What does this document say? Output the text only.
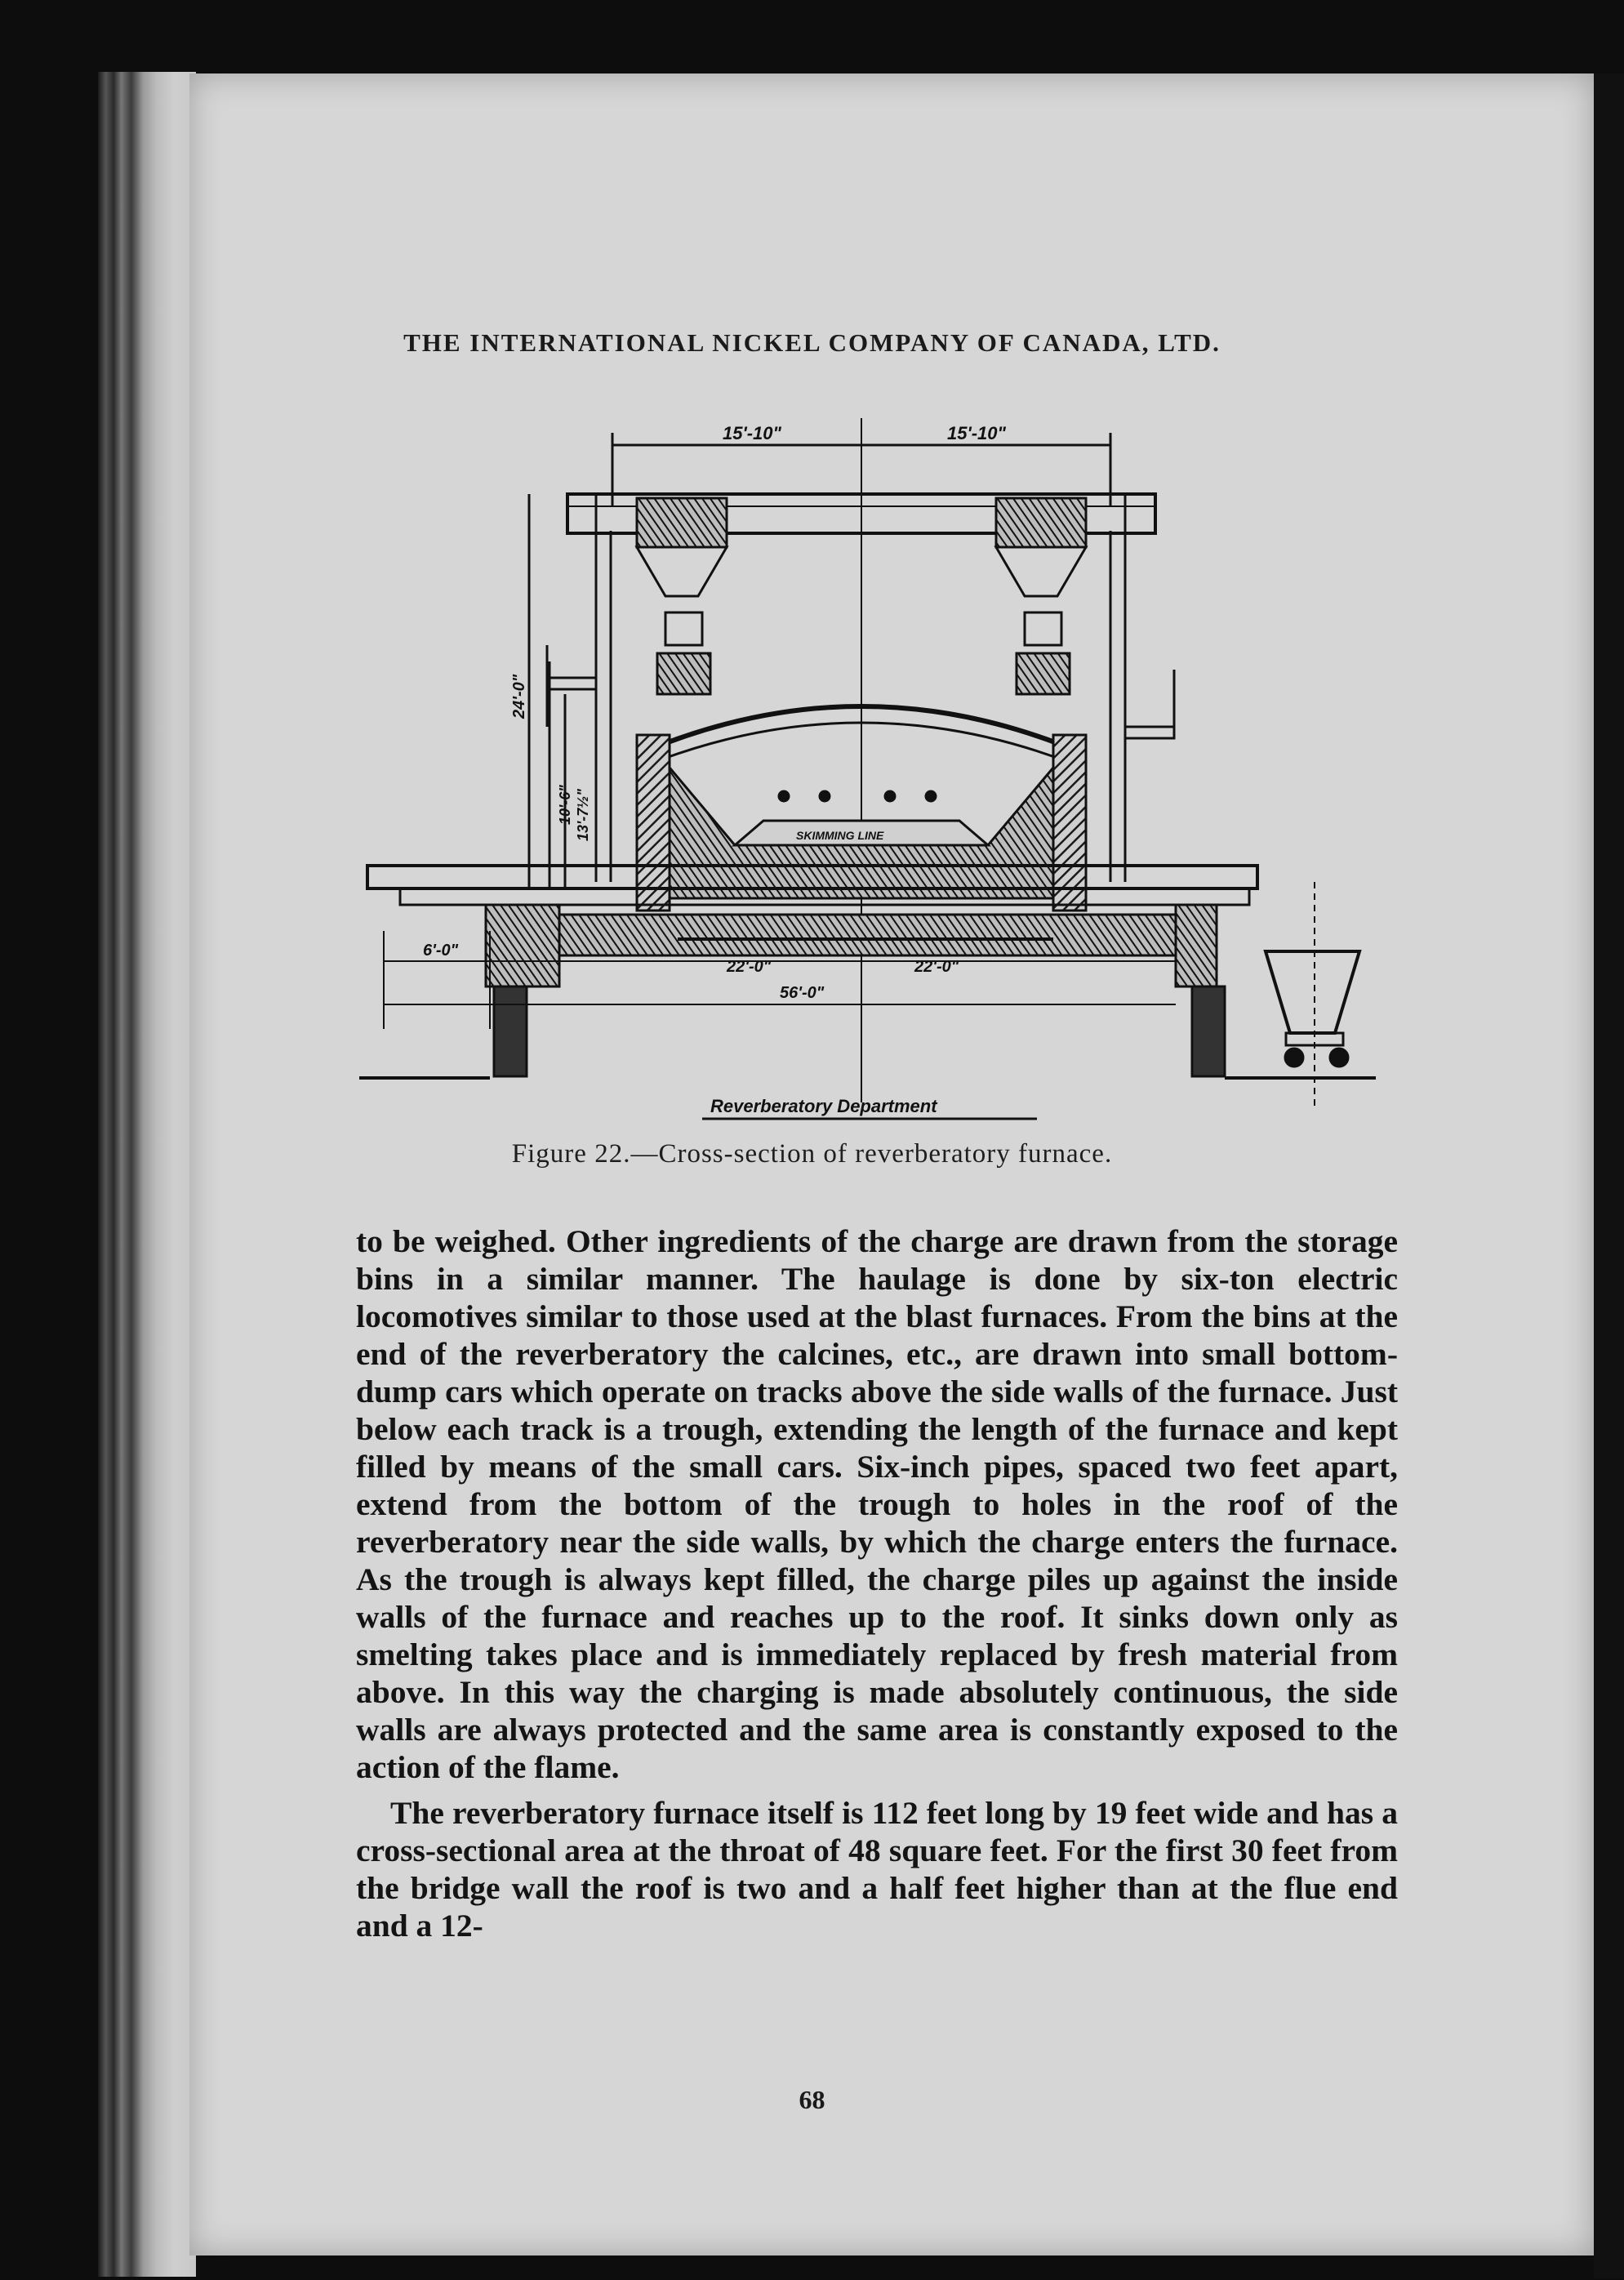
THE INTERNATIONAL NICKEL COMPANY OF CANADA, LTD.
15'-10"	15'-10"
24'-0"
10'-6" 13'-7½"	SKIMMING LINE
6'-0"
22'-0"	22'-0"
56'-0"
Reverberatory Department
Figure 22.—Cross-section of reverberatory furnace.

to be weighed. Other ingredients of the charge are drawn from the storage bins in a similar manner. The haulage is done by six-ton electric locomotives similar to those used at the blast furnaces. From the bins at the end of the reverberatory the calcines, etc., are drawn into small bottom-dump cars which operate on tracks above the side walls of the furnace. Just below each track is a trough, extending the length of the furnace and kept filled by means of the small cars. Six-inch pipes, spaced two feet apart, extend from the bottom of the trough to holes in the roof of the reverberatory near the side walls, by which the charge enters the furnace. As the trough is always kept filled, the charge piles up against the inside walls of the furnace and reaches up to the roof. It sinks down only as smelting takes place and is immediately replaced by fresh material from above. In this way the charging is made absolutely continuous, the side walls are always protected and the same area is constantly exposed to the action of the flame.

The reverberatory furnace itself is 112 feet long by 19 feet wide and has a cross-sectional area at the throat of 48 square feet. For the first 30 feet from the bridge wall the roof is two and a half feet higher than at the flue end and a 12-

68
